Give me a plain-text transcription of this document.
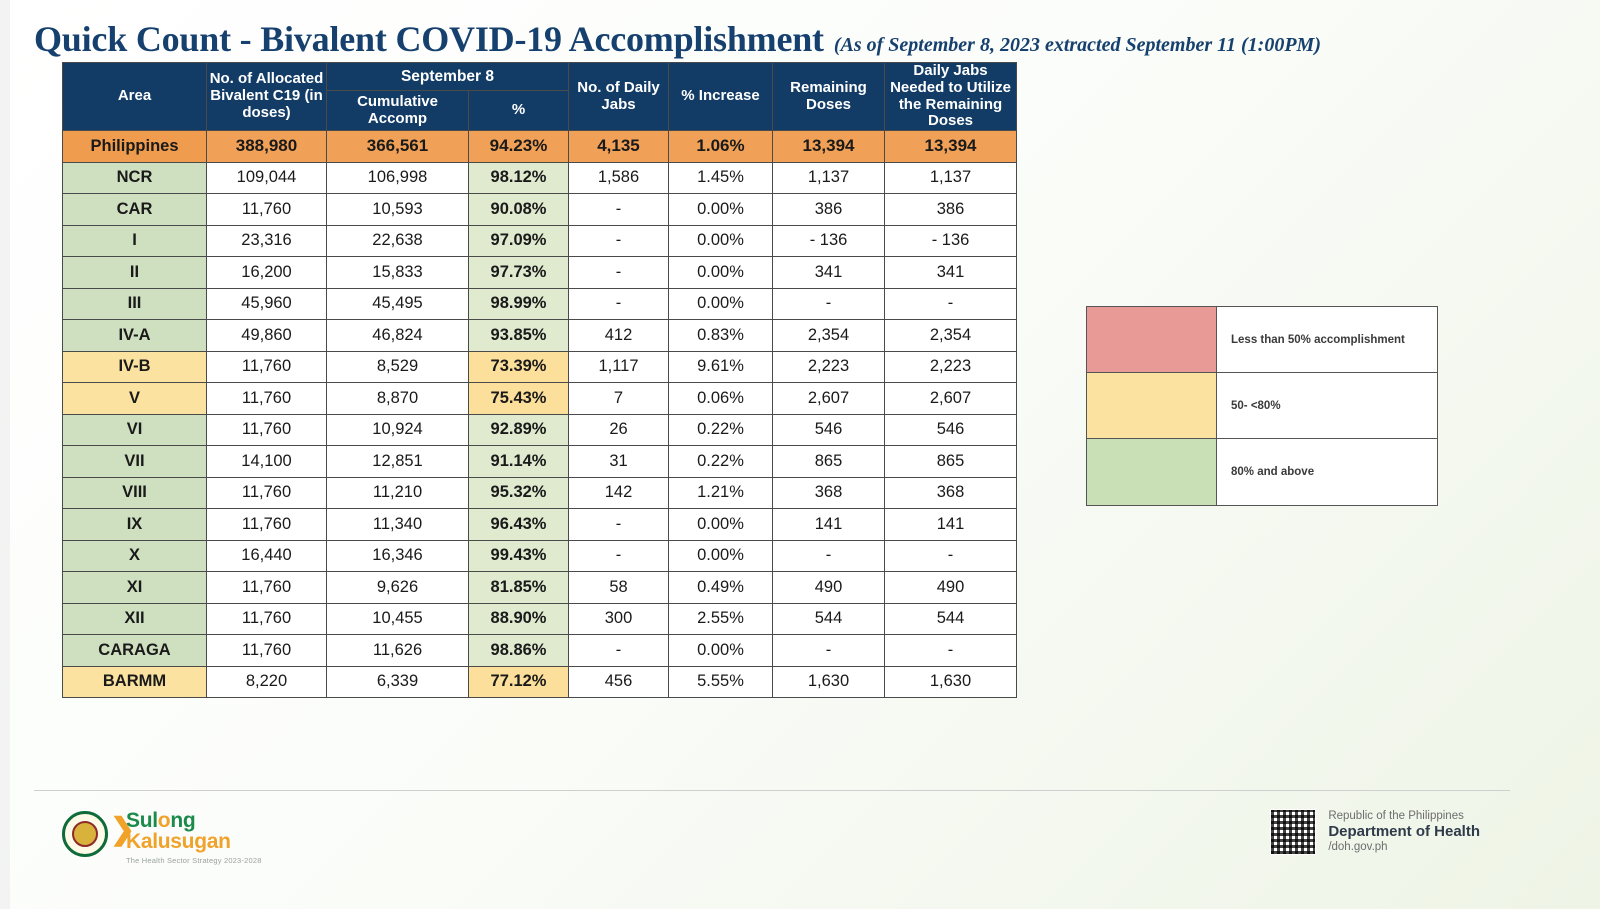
Quick Count - Bivalent COVID-19 Accomplishment (As of September 8, 2023 extracted September 11 (1:00PM)
Area	No. of Allocated Bivalent C19 (in doses)	September 8		No. of Daily Jabs	% Increase	Remaining Doses	Daily Jabs Needed to Utilize the Remaining Doses
		Cumulative Accomp	%				
Philippines	388,980	366,561	94.23%	4,135	1.06%	13,394	13,394
NCR	109,044	106,998	98.12%	1,586	1.45%	1,137	1,137
CAR	11,760	10,593	90.08%	-	0.00%	386	386
I	23,316	22,638	97.09%	-	0.00%	- 136	- 136
II	16,200	15,833	97.73%	-	0.00%	341	341
III	45,960	45,495	98.99%	-	0.00%	-	-
IV-A	49,860	46,824	93.85%	412	0.83%	2,354	2,354
IV-B	11,760	8,529	73.39%	1,117	9.61%	2,223	2,223
V	11,760	8,870	75.43%	7	0.06%	2,607	2,607
VI	11,760	10,924	92.89%	26	0.22%	546	546
VII	14,100	12,851	91.14%	31	0.22%	865	865
VIII	11,760	11,210	95.32%	142	1.21%	368	368
IX	11,760	11,340	96.43%	-	0.00%	141	141
X	16,440	16,346	99.43%	-	0.00%	-	-
XI	11,760	9,626	81.85%	58	0.49%	490	490
XII	11,760	10,455	88.90%	300	2.55%	544	544
CARAGA	11,760	11,626	98.86%	-	0.00%	-	-
BARMM	8,220	6,339	77.12%	456	5.55%	1,630	1,630
Less than 50% accomplishment
50- <80%
80% and above
❯
Sulong
Kalusugan
The Health Sector Strategy 2023-2028
Republic of the Philippines
Department of Health
/doh.gov.ph
